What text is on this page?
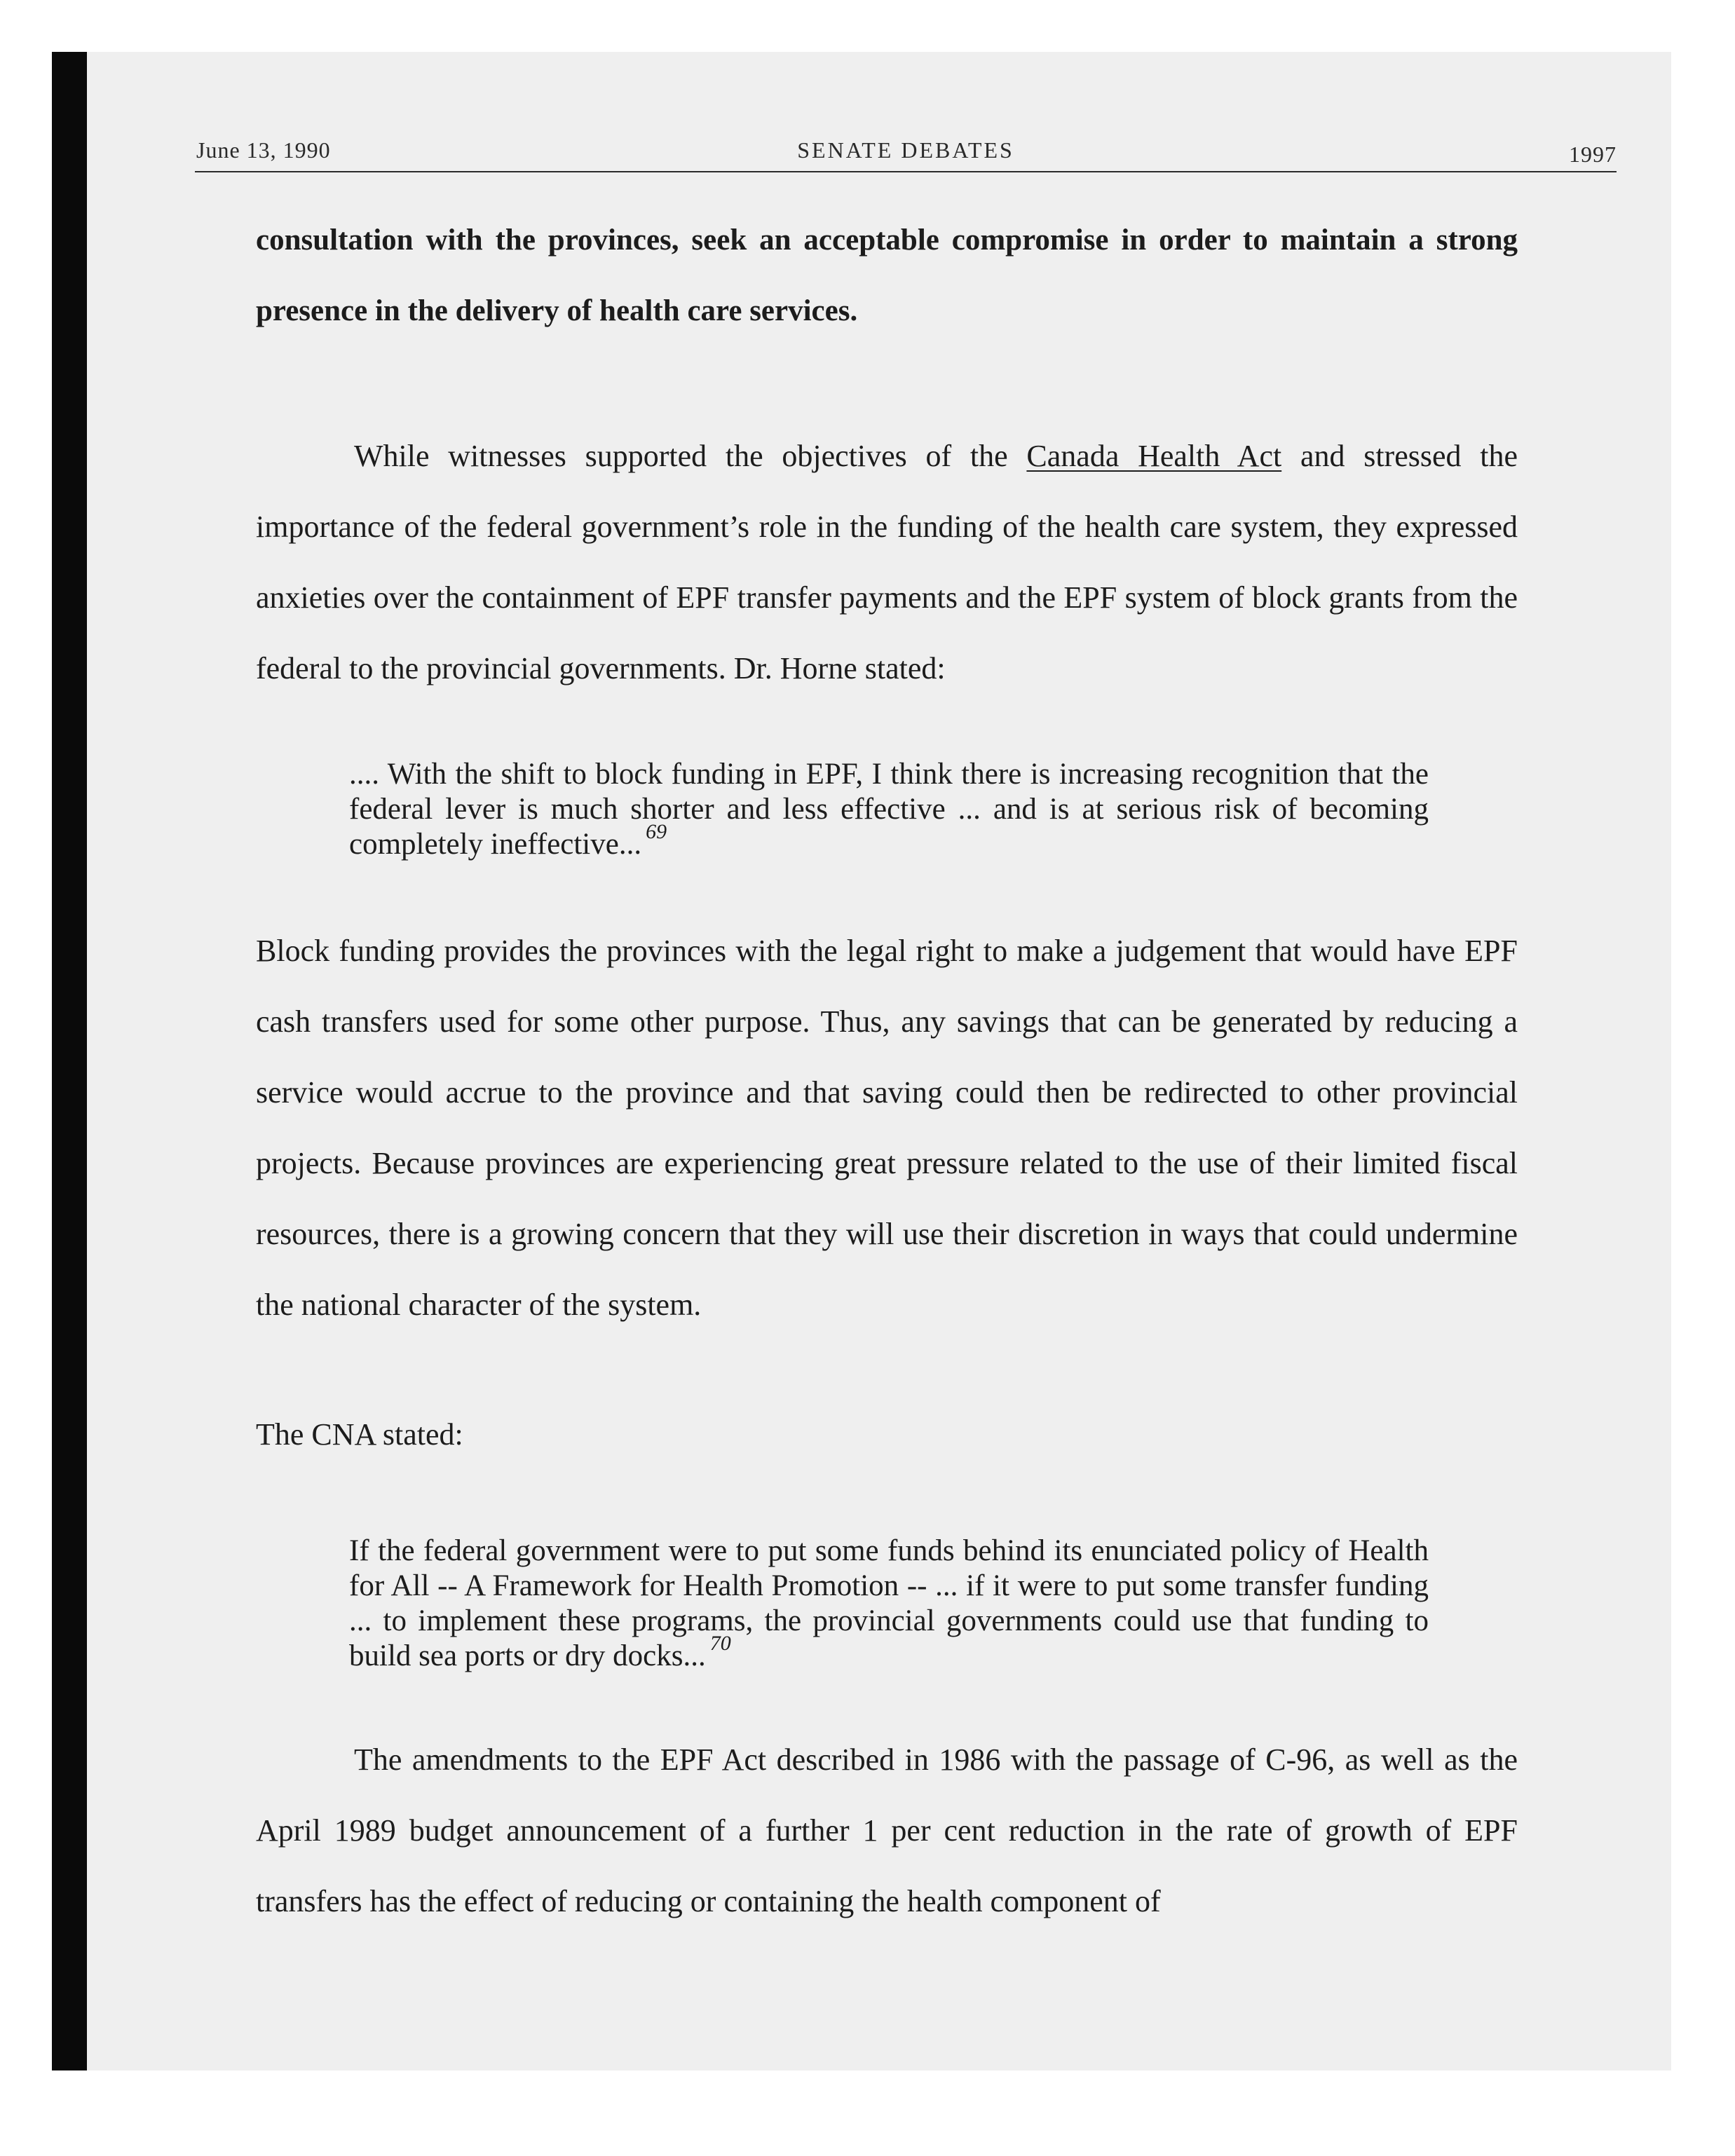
June 13, 1990	SENATE DEBATES	1997

consultation with the provinces, seek an acceptable compromise in order to maintain a strong presence in the delivery of health care services.

While witnesses supported the objectives of the Canada Health Act and stressed the importance of the federal government’s role in the funding of the health care system, they expressed anxieties over the containment of EPF transfer payments and the EPF system of block grants from the federal to the provincial governments. Dr. Horne stated:

.... With the shift to block funding in EPF, I think there is increasing recognition that the federal lever is much shorter and less effective ... and is at serious risk of becoming completely ineffective... $^{69}$

Block funding provides the provinces with the legal right to make a judgement that would have EPF cash transfers used for some other purpose. Thus, any savings that can be generated by reducing a service would accrue to the province and that saving could then be redirected to other provincial projects. Because provinces are experiencing great pressure related to the use of their limited fiscal resources, there is a growing concern that they will use their discretion in ways that could undermine the national character of the system.

The CNA stated:

If the federal government were to put some funds behind its enunciated policy of Health for All -- A Framework for Health Promotion -- ... if it were to put some transfer funding ... to implement these programs, the provincial governments could use that funding to build sea ports or dry docks... $^{70}$

The amendments to the EPF Act described in 1986 with the passage of C-96, as well as the April 1989 budget announcement of a further 1 per cent reduction in the rate of growth of EPF transfers has the effect of reducing or containing the health component of
